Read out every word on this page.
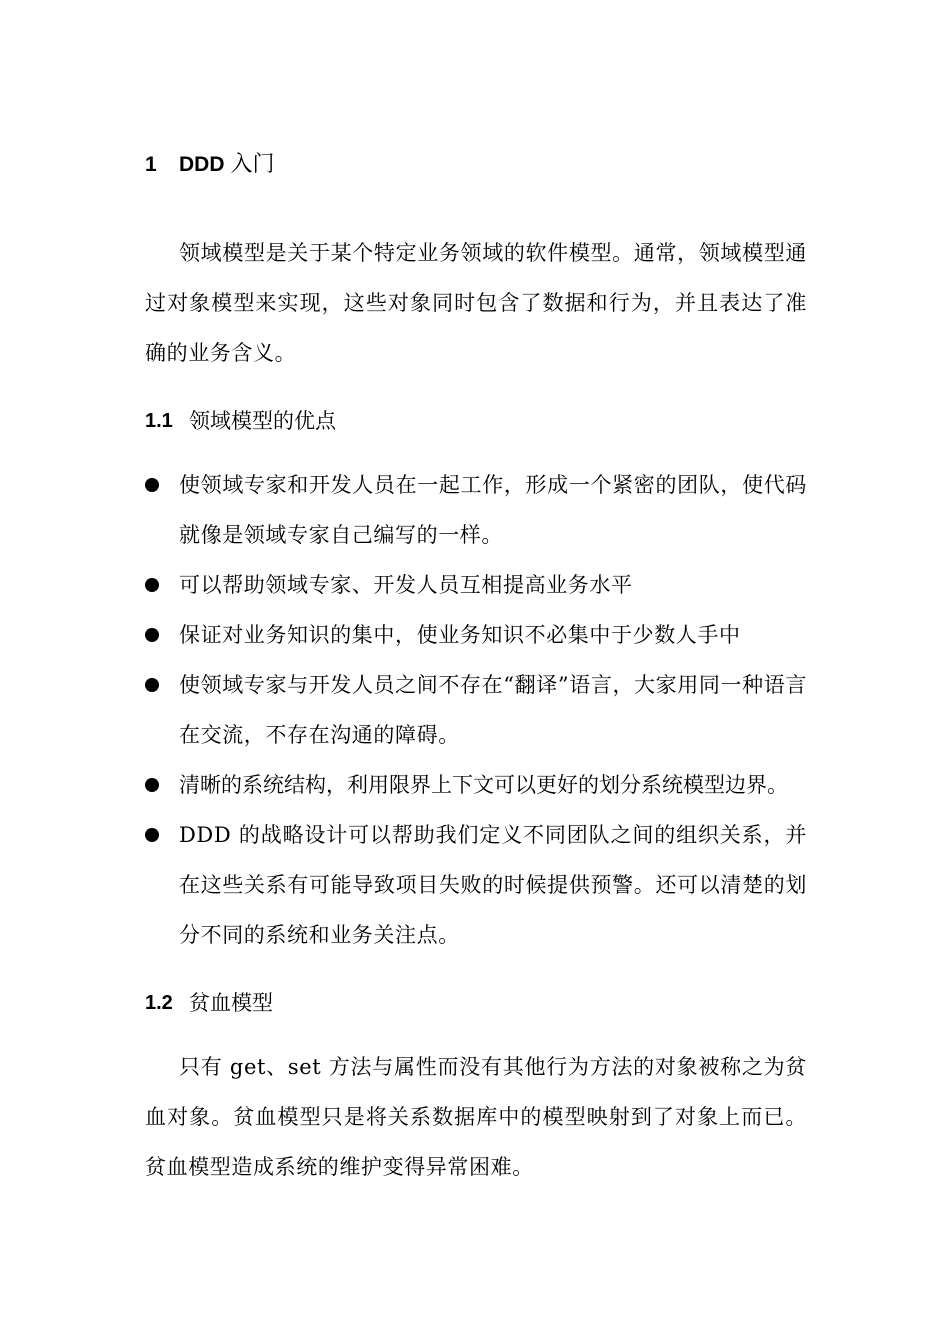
1	DDD 入门

领域模型是关于某个特定业务领域的软件模型。通常，领域模型通过对象模型来实现，这些对象同时包含了数据和行为，并且表达了准确的业务含义。

1.1 领域模型的优点
使领域专家和开发人员在一起工作，形成一个紧密的团队，使代码就像是领域专家自己编写的一样。
可以帮助领域专家、开发人员互相提高业务水平
保证对业务知识的集中，使业务知识不必集中于少数人手中
使领域专家与开发人员之间不存在“翻译”语言，大家用同一种语言在交流，不存在沟通的障碍。
清晰的系统结构，利用限界上下文可以更好的划分系统模型边界。
DDD 的战略设计可以帮助我们定义不同团队之间的组织关系，并在这些关系有可能导致项目失败的时候提供预警。还可以清楚的划分不同的系统和业务关注点。
1.2 贫血模型

只有 get、set 方法与属性而没有其他行为方法的对象被称之为贫血对象。贫血模型只是将关系数据库中的模型映射到了对象上而已。贫血模型造成系统的维护变得异常困难。
